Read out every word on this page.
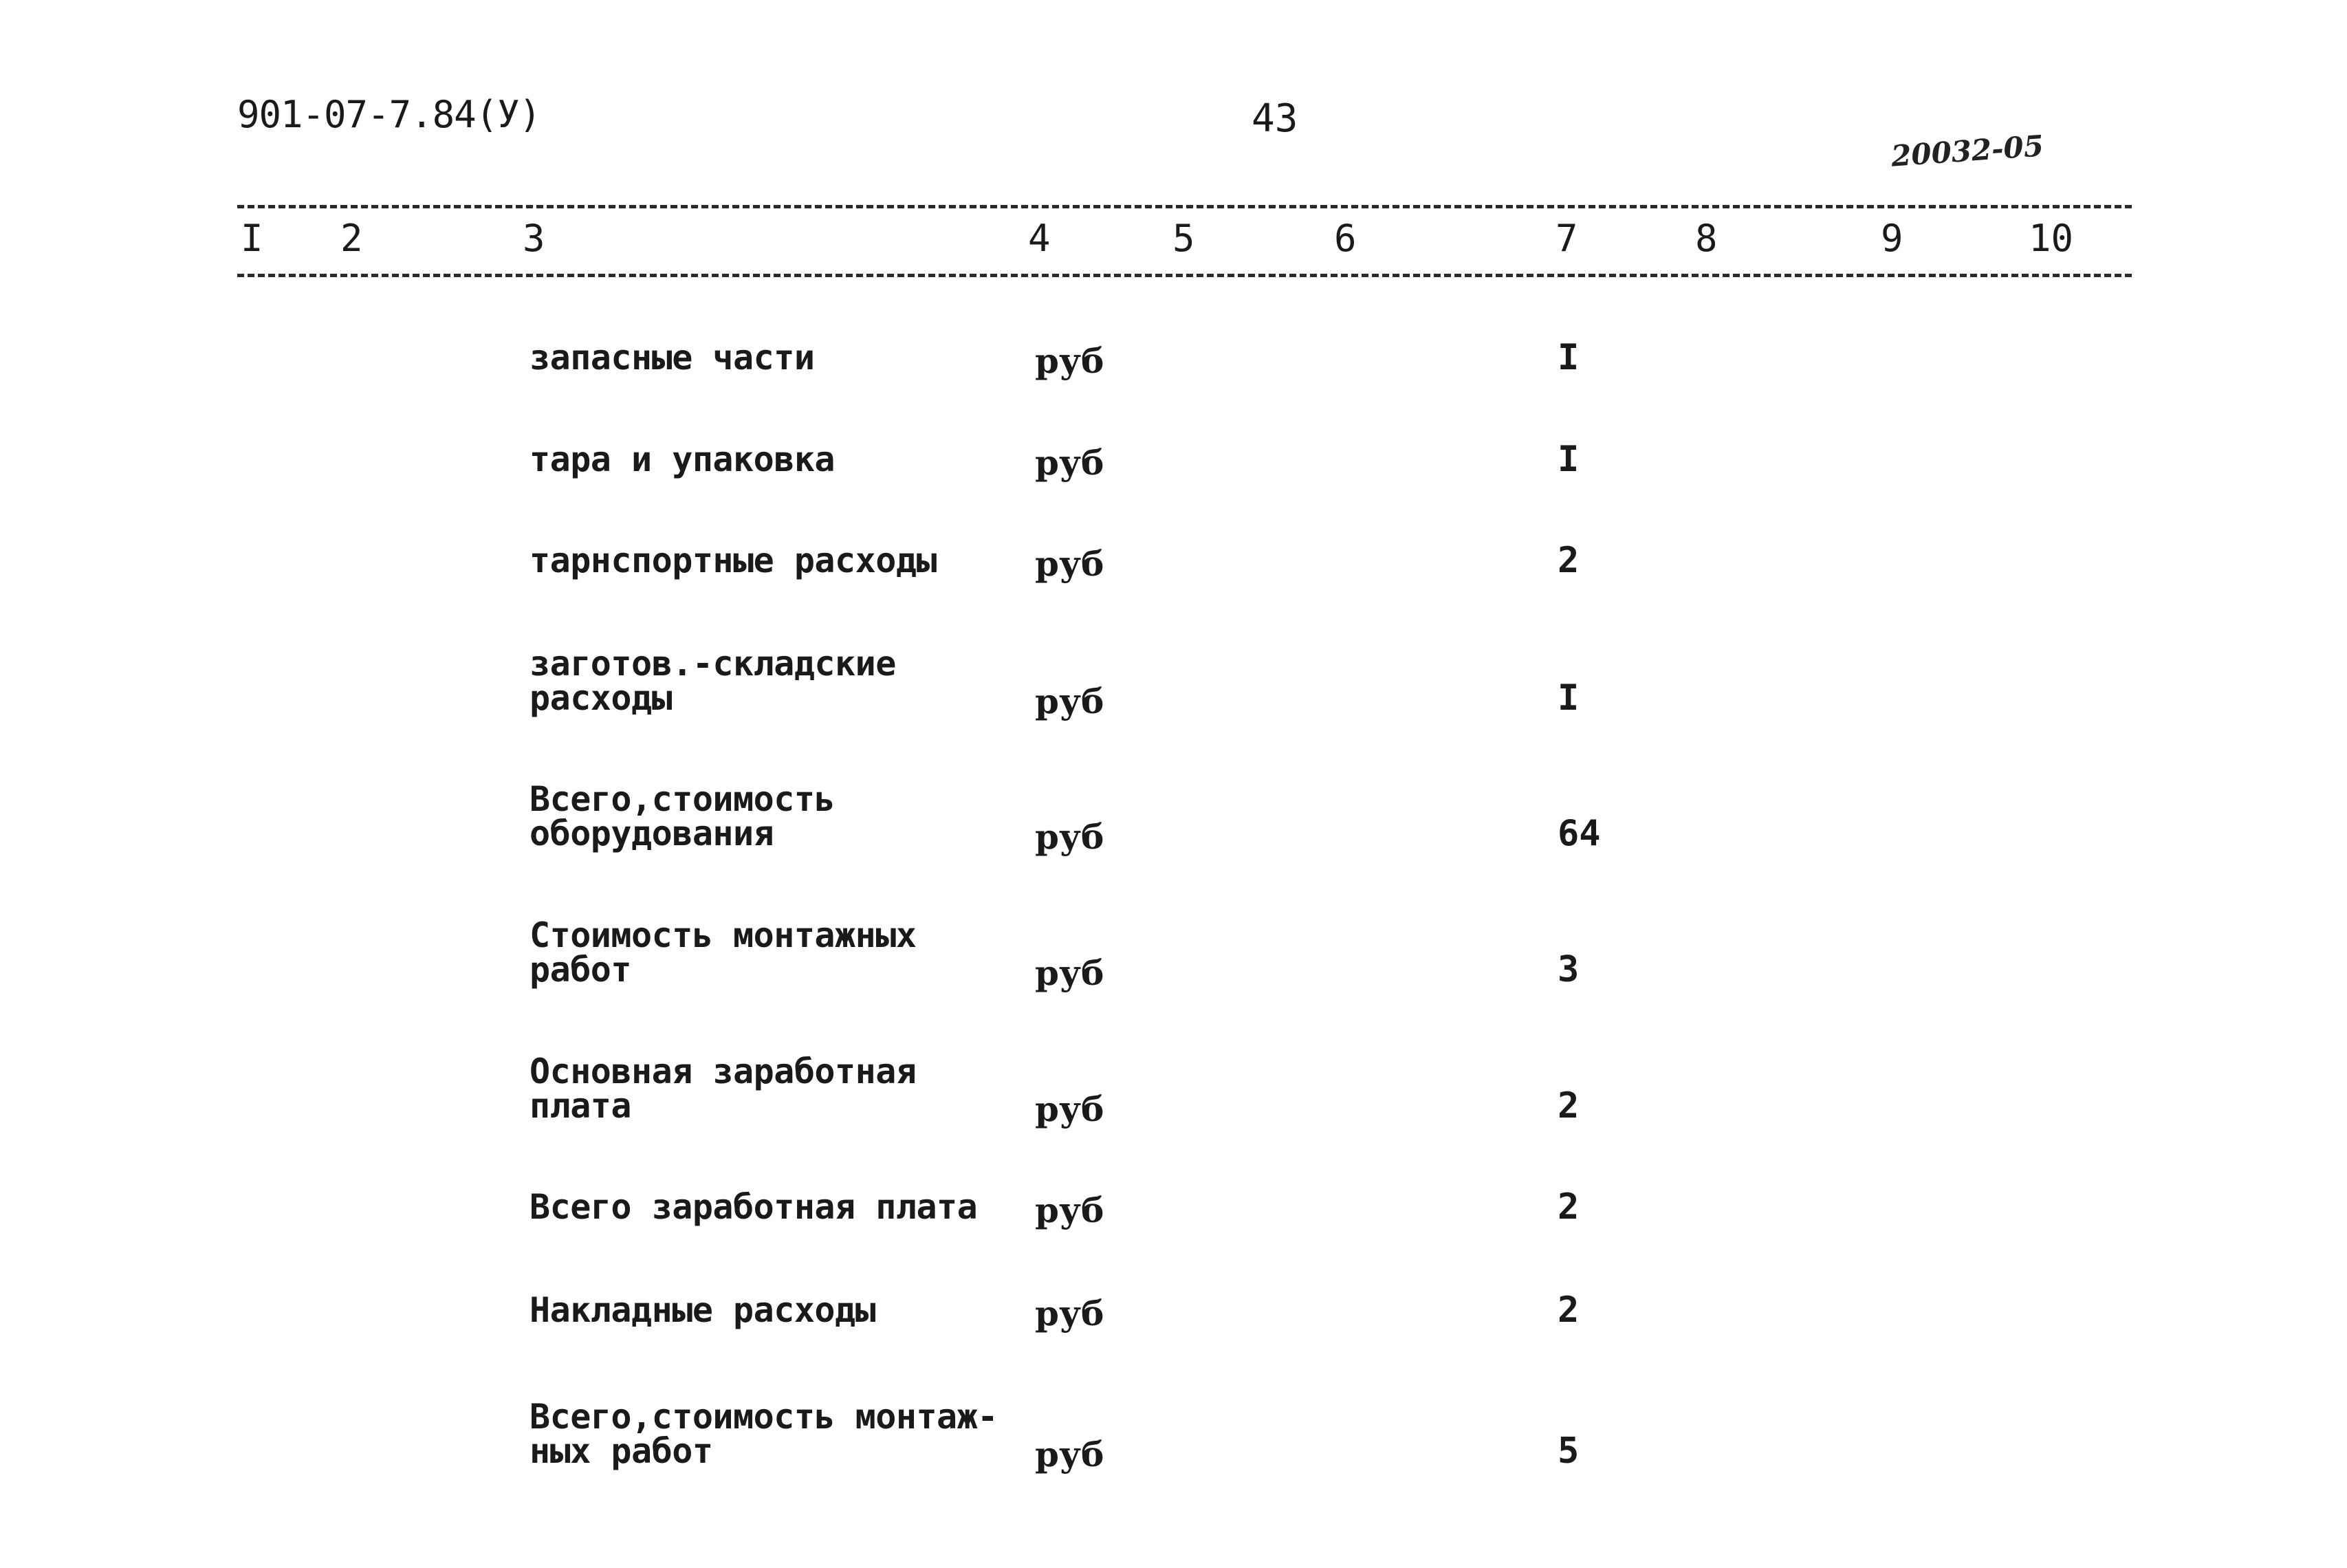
901-07-7.84(У)	43
20032-05
I 2	3	4	5	6	7	8	9	10
запасные части	руб	I
тара и упаковка	руб	I
тарнспортные расходы	руб	2
заготов.-складские
расходы	руб	I
Всего,стоимость
оборудования	руб	64
Стоимость монтажных
работ	руб	3
Основная заработная
плата	руб	2
Всего заработная плата руб	2
Накладные расходы	руб	2
Всего,стоимость монтаж-
ных работ	руб	5
